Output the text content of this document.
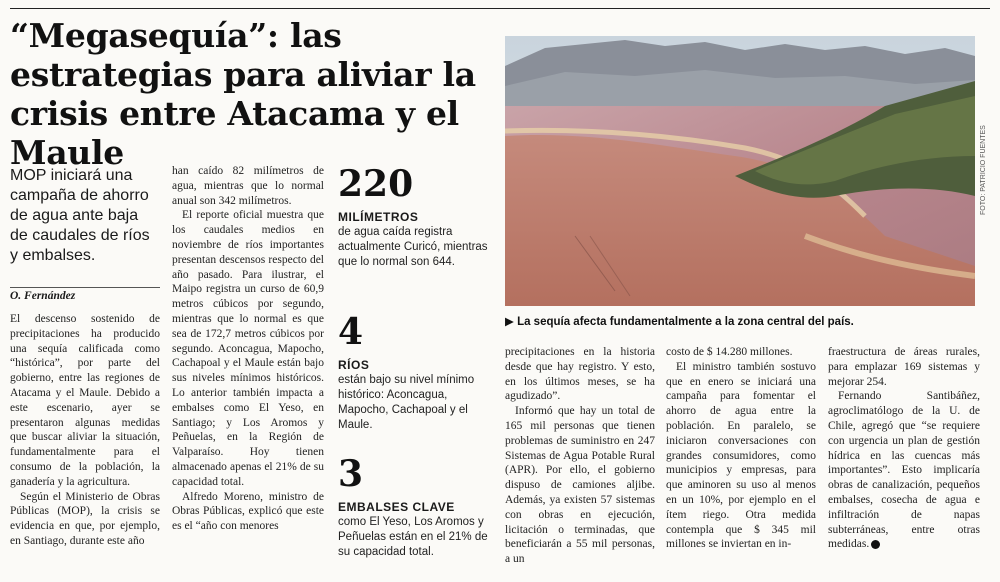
“Megasequía”: las estrategias para aliviar la crisis entre Atacama y el Maule	FOTO: PATRICIO FUENTES
▶ La sequía afecta fundamentalmente a la zona central del país.

MOP iniciará una campaña de ahorro de agua ante baja de caudales de ríos y embalses.

O. Fernández

El descenso sostenido de precipitaciones ha producido una sequía calificada como “histórica”, por parte del gobierno, entre las regiones de Atacama y el Maule. Debido a este escenario, ayer se presentaron algunas medidas que buscar aliviar la situación, fundamentalmente para el consumo de la población, la ganadería y la agricultura.

Según el Ministerio de Obras Públicas (MOP), la crisis se evidencia en que, por ejemplo, en Santiago, durante este año

han caído 82 milímetros de agua, mientras que lo normal anual son 342 milímetros.

El reporte oficial muestra que los caudales medios en noviembre de ríos importantes presentan descensos respecto del año pasado. Para ilustrar, el Maipo registra un curso de 60,9 metros cúbicos por segundo, mientras que lo normal es que sea de 172,7 metros cúbicos por segundo. Aconcagua, Mapocho, Cachapoal y el Maule están bajo sus niveles mínimos históricos. Lo anterior también impacta a embalses como El Yeso, en Santiago; y Los Aromos y Peñuelas, en la Región de Valparaíso. Hoy tienen almacenado apenas el 21% de su capacidad total.

Alfredo Moreno, ministro de Obras Públicas, explicó que este es el “año con menores

220
MILÍMETROS
de agua caída registra actualmente Curicó, mientras que lo normal son 644.
4
RÍOS
están bajo su nivel mínimo histórico: Aconcagua, Mapocho, Cachapoal y el Maule.
3
EMBALSES CLAVE
como El Yeso, Los Aromos y Peñuelas están en el 21% de su capacidad total.

precipitaciones en la historia desde que hay registro. Y esto, en los últimos meses, se ha agudizado”.

Informó que hay un total de 165 mil personas que tienen problemas de suministro en 247 Sistemas de Agua Potable Rural (APR). Por ello, el gobierno dispuso de camiones aljibe. Además, ya existen 57 sistemas con obras en ejecución, licitación o terminadas, que beneficiarán a 55 mil personas, a un

costo de $ 14.280 millones.

El ministro también sostuvo que en enero se iniciará una campaña para fomentar el ahorro de agua entre la población. En paralelo, se iniciaron conversaciones con grandes consumidores, como municipios y empresas, para que aminoren su uso al menos en un 10%, por ejemplo en el ítem riego. Otra medida contempla que $ 345 mil millones se inviertan en in-

fraestructura de áreas rurales, para emplazar 169 sistemas y mejorar 254.

Fernando Santibáñez, agroclimatólogo de la U. de Chile, agregó que “se requiere con urgencia un plan de gestión hídrica en las cuencas más importantes”. Esto implicaría obras de canalización, pequeños embalses, cosecha de agua e infiltración de napas subterráneas, entre otras medidas.
